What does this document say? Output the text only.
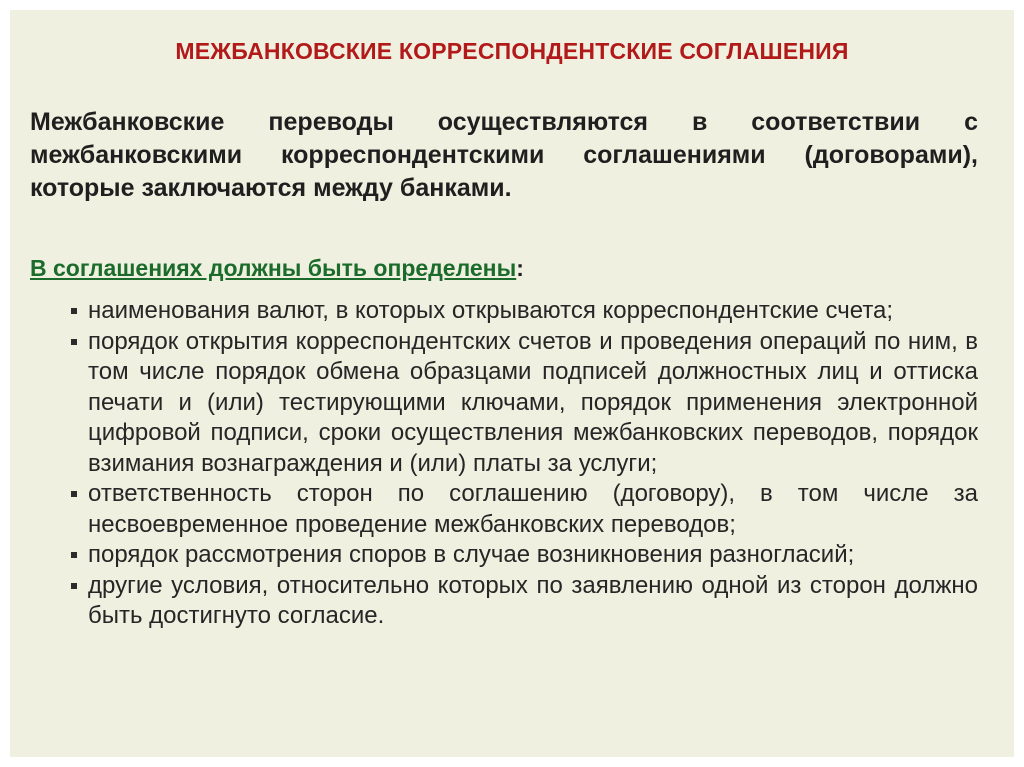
МЕЖБАНКОВСКИЕ КОРРЕСПОНДЕНТСКИЕ СОГЛАШЕНИЯ
Межбанковские переводы осуществляются в соответствии с межбанковскими корреспондентскими соглашениями (договорами), которые заключаются между банками.
В соглашениях должны быть определены:
наименования валют, в которых открываются корреспондентские счета;
порядок открытия корреспондентских счетов и проведения операций по ним, в том числе порядок обмена образцами подписей должностных лиц и оттиска печати и (или) тестирующими ключами, порядок применения электронной цифровой подписи, сроки осуществления межбанковских переводов, порядок взимания вознаграждения и (или) платы за услуги;
ответственность сторон по соглашению (договору), в том числе за несвоевременное проведение межбанковских переводов;
порядок рассмотрения споров в случае возникновения разногласий;
другие условия, относительно которых по заявлению одной из сторон должно быть достигнуто согласие.
